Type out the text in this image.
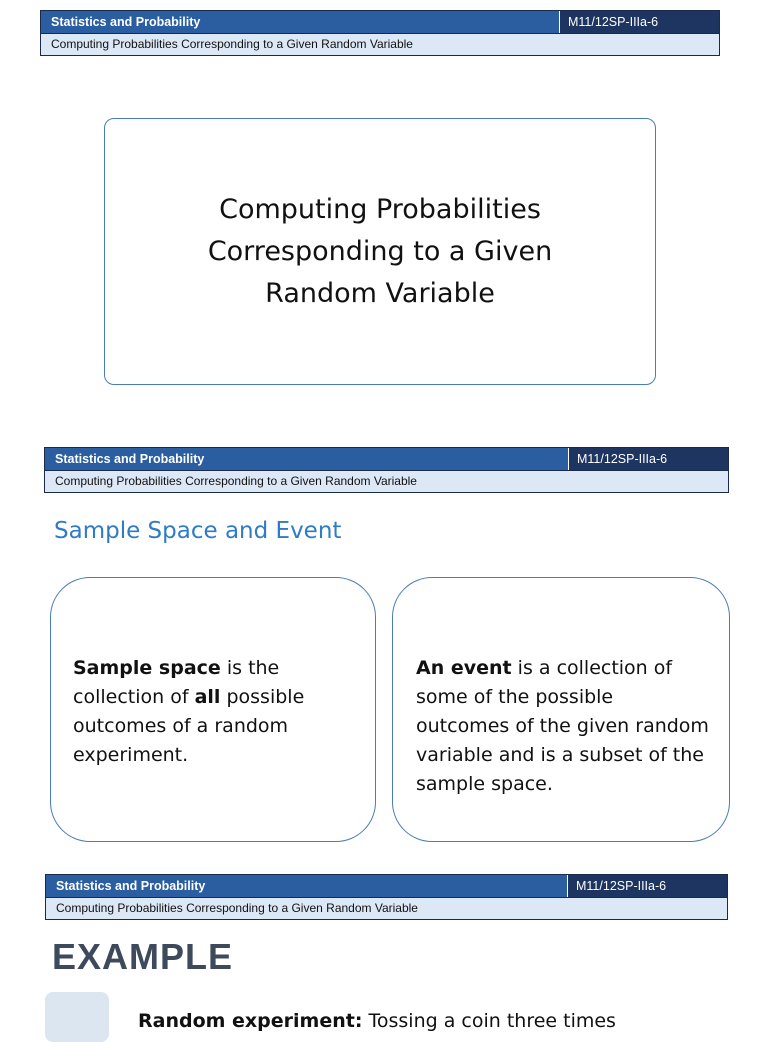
Statistics and Probability	M11/12SP-IIIa-6
Computing Probabilities Corresponding to a Given Random Variable
Computing Probabilities Corresponding to a Given Random Variable
Statistics and Probability	M11/12SP-IIIa-6
Computing Probabilities Corresponding to a Given Random Variable
Sample Space and Event
Sample space is the collection of all possible outcomes of a random experiment.
An event is a collection of some of the possible outcomes of the given random variable and is a subset of the sample space.
Statistics and Probability	M11/12SP-IIIa-6
Computing Probabilities Corresponding to a Given Random Variable
EXAMPLE
Random experiment: Tossing a coin three times
